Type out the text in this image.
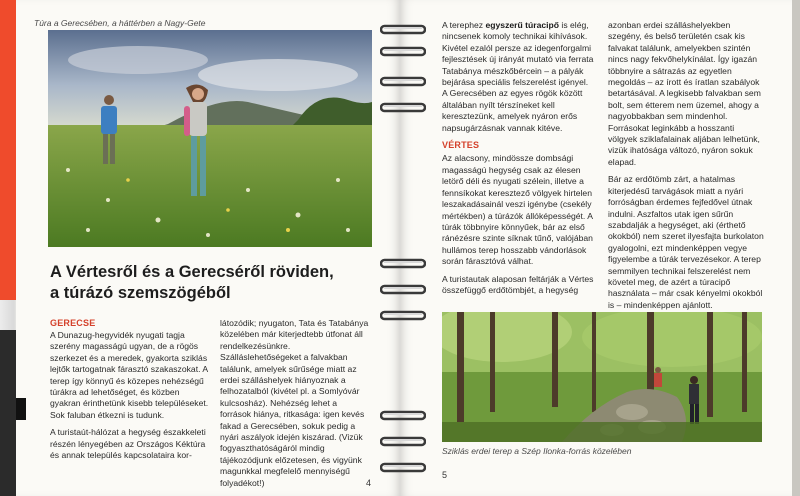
Túra a Gerecsében, a háttérben a Nagy-Gete
A Vértesről és a Gerecséről röviden,
a túrázó szemszögéből
GERECSE

A Dunazug-hegyvidék nyugati tagja szerény magasságú ugyan, de a rögös szerkezet és a meredek, gyakorta sziklás lejtők tartogatnak fárasztó szakaszokat. A terep így könnyű és közepes nehézségű túrákra ad lehetőséget, és közben gyakran érinthetünk kisebb településeket. Sok faluban étkezni is tudunk.

A turistaút-hálózat a hegység északkeleti részén lényegében az Országos Kéktúra és annak település kapcsolataira kor-

látozódik; nyugaton, Tata és Tatabánya közelében már kiterjedtebb útfonat áll rendelkezésünkre. Szálláslehetőségeket a falvakban találunk, amelyek sűrűsége miatt az erdei szálláshelyek hiányoznak a felhozatalból (kivétel pl. a Somlyóvár kulcsosház). Nehézség lehet a források hiánya, ritkasága: igen kevés fakad a Gerecsében, sokuk pedig a nyári aszályok idején kiszárad. (Vizük fogyaszthatóságáról mindig tájékozódjunk előzetesen, és vigyünk magunkkal megfelelő mennyiségű folyadékot!)	4

A terephez egyszerű túracipő is elég, nincsenek komoly technikai kihívások. Kivétel ezalól persze az idegenforgalmi fejlesztések új irányát mutató via ferrata Tatabánya mészkőbércein – a pályák bejárása speciális felszerelést igényel. A Gerecsében az egyes rögök között általában nyílt térszíneket kell keresztezünk, amelyek nyáron erős napsugárzásnak vannak kitéve.

VÉRTES

Az alacsony, mindössze dombsági magasságú hegység csak az élesen letörő déli és nyugati szélein, illetve a fennsíkokat keresztező völgyek hirtelen leszakadásainál veszi igénybe (csekély mértékben) a túrázók állóképességét. A túrák többnyire könnyűek, bár az első ránézésre szinte síknak tűnő, valójában hullámos terep hosszabb vándorlások során fárasztóvá válhat.

A turistautak alaposan feltárják a Vértes összefüggő erdőtömbjét, a hegység

azonban erdei szálláshelyekben szegény, és belső területén csak kis falvakat találunk, amelyekben szintén nincs nagy fekvőhelykínálat. Így igazán többnyire a sátrazás az egyetlen megoldás – az írott és íratlan szabályok betartásával. A legkisebb falvakban sem bolt, sem étterem nem üzemel, ahogy a nagyobbakban sem mindenhol. Forrásokat leginkább a hosszanti völgyek sziklafalainak aljában lelhetünk, vizük ihatósága változó, nyáron sokuk elapad.

Bár az erdőtömb zárt, a hatalmas kiterjedésű tarvágások miatt a nyári forróságban érdemes fejfedővel útnak indulni. Aszfaltos utak igen sűrűn szabdalják a hegységet, aki (érthető okokból) nem szeret ilyesfajta burkolaton gyalogolni, ezt mindenképpen vegye figyelembe a túrák tervezésekor. A terep semmilyen technikai felszerelést nem követel meg, de azért a túracipő használata – már csak kényelmi okokból is – mindenképpen ajánlott.

Sziklás erdei terep a Szép Ilonka-forrás közelében
5
